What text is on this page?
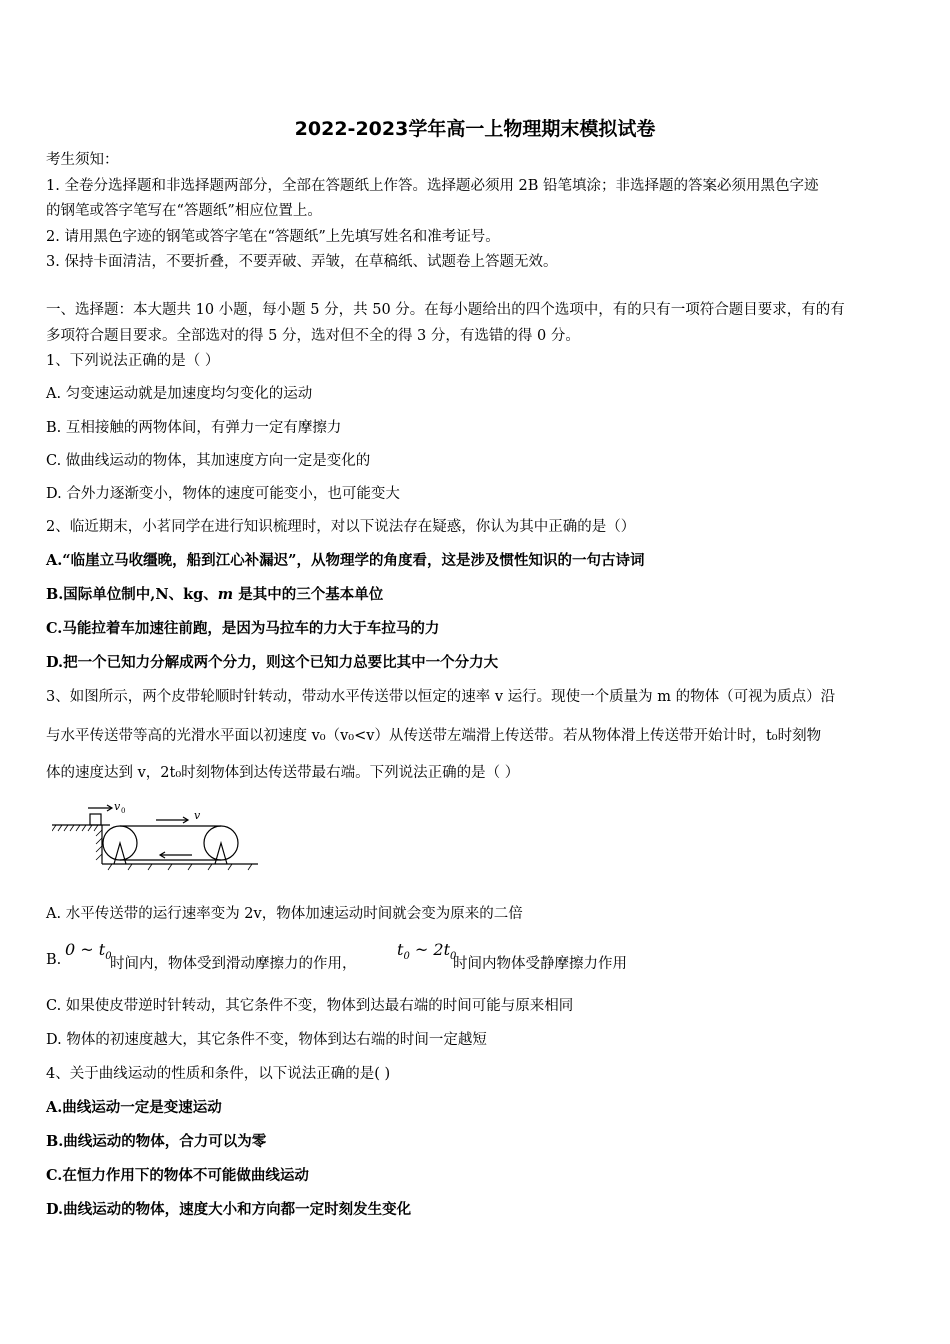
2022-2023学年高一上物理期末模拟试卷
考生须知：
1. 全卷分选择题和非选择题两部分，全部在答题纸上作答。选择题必须用 2B 铅笔填涂；非选择题的答案必须用黑色字迹
的钢笔或答字笔写在“答题纸”相应位置上。
2. 请用黑色字迹的钢笔或答字笔在“答题纸”上先填写姓名和准考证号。
3. 保持卡面清洁，不要折叠，不要弄破、弄皱，在草稿纸、试题卷上答题无效。
一、选择题：本大题共 10 小题，每小题 5 分，共 50 分。在每小题给出的四个选项中，有的只有一项符合题目要求，有的有
多项符合题目要求。全部选对的得 5 分，选对但不全的得 3 分，有选错的得 0 分。
1、下列说法正确的是（ ）
A. 匀变速运动就是加速度均匀变化的运动
B. 互相接触的两物体间，有弹力一定有摩擦力
C. 做曲线运动的物体，其加速度方向一定是变化的
D. 合外力逐渐变小，物体的速度可能变小，也可能变大
2、临近期末，小茗同学在进行知识梳理时，对以下说法存在疑惑，你认为其中正确的是（）
A.“临崖立马收缰晚，船到江心补漏迟”，从物理学的角度看，这是涉及惯性知识的一句古诗词
B.国际单位制中,N、kg、m 是其中的三个基本单位
C.马能拉着车加速往前跑，是因为马拉车的力大于车拉马的力
D.把一个已知力分解成两个分力，则这个已知力总要比其中一个分力大
3、如图所示，两个皮带轮顺时针转动，带动水平传送带以恒定的速率 v 运行。现使一个质量为 m 的物体（可视为质点）沿
与水平传送带等高的光滑水平面以初速度 v₀（v₀<v）从传送带左端滑上传送带。若从物体滑上传送带开始计时，t₀时刻物
体的速度达到 v，2t₀时刻物体到达传送带最右端。下列说法正确的是（ ）
v 0	v
A. 水平传送带的运行速率变为 2v，物体加速运动时间就会变为原来的二倍
B.
0 ~ $t_0$
时间内，物体受到滑动摩擦力的作用，
$t_0$ ~ $2t_0$
时间内物体受静摩擦力作用
C. 如果使皮带逆时针转动，其它条件不变，物体到达最右端的时间可能与原来相同
D. 物体的初速度越大，其它条件不变，物体到达右端的时间一定越短
4、关于曲线运动的性质和条件，以下说法正确的是( )
A.曲线运动一定是变速运动
B.曲线运动的物体，合力可以为零
C.在恒力作用下的物体不可能做曲线运动
D.曲线运动的物体，速度大小和方向都一定时刻发生变化
